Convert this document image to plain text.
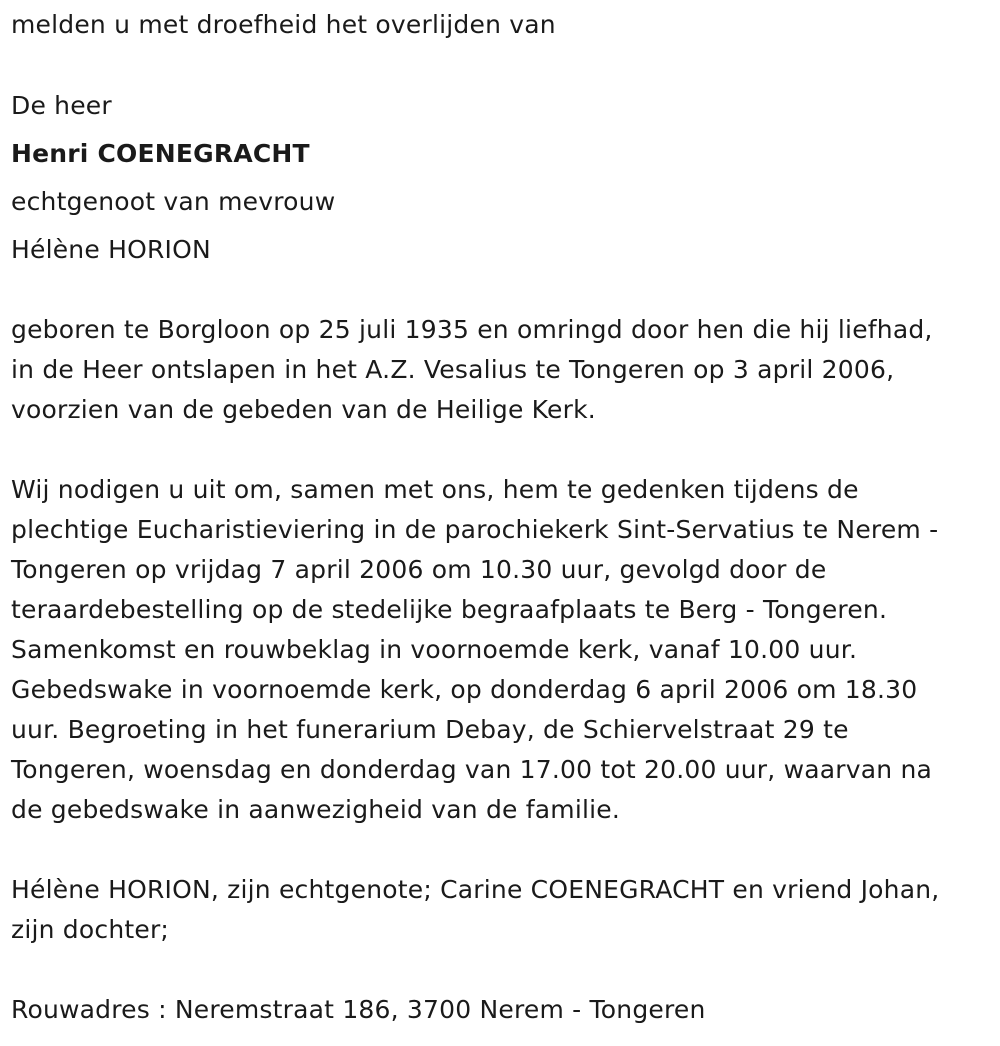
melden u met droefheid het overlijden van
De heer
Henri COENEGRACHT
echtgenoot van mevrouw
Hélène HORION
geboren te Borgloon op 25 juli 1935 en omringd door hen die hij liefhad,
in de Heer ontslapen in het A.Z. Vesalius te Tongeren op 3 april 2006,
voorzien van de gebeden van de Heilige Kerk.
Wij nodigen u uit om, samen met ons, hem te gedenken tijdens de
plechtige Eucharistieviering in de parochiekerk Sint-Servatius te Nerem -
Tongeren op vrijdag 7 april 2006 om 10.30 uur, gevolgd door de
teraardebestelling op de stedelijke begraafplaats te Berg - Tongeren.
Samenkomst en rouwbeklag in voornoemde kerk, vanaf 10.00 uur.
Gebedswake in voornoemde kerk, op donderdag 6 april 2006 om 18.30
uur. Begroeting in het funerarium Debay, de Schiervelstraat 29 te
Tongeren, woensdag en donderdag van 17.00 tot 20.00 uur, waarvan na
de gebedswake in aanwezigheid van de familie.
Hélène HORION, zijn echtgenote; Carine COENEGRACHT en vriend Johan,
zijn dochter;
Rouwadres : Neremstraat 186, 3700 Nerem - Tongeren
